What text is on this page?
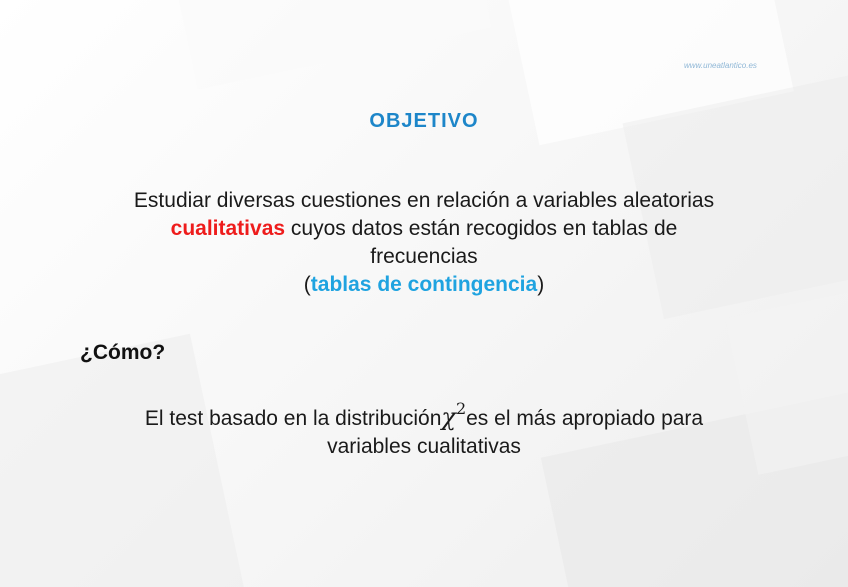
www.uneatlantico.es
OBJETIVO
Estudiar diversas cuestiones en relación a variables aleatorias
cualitativas cuyos datos están recogidos en tablas de
frecuencias
(tablas de contingencia)
¿Cómo?
El test basado en la distribuciónχ$^2$es el más apropiado para
variables cualitativas
